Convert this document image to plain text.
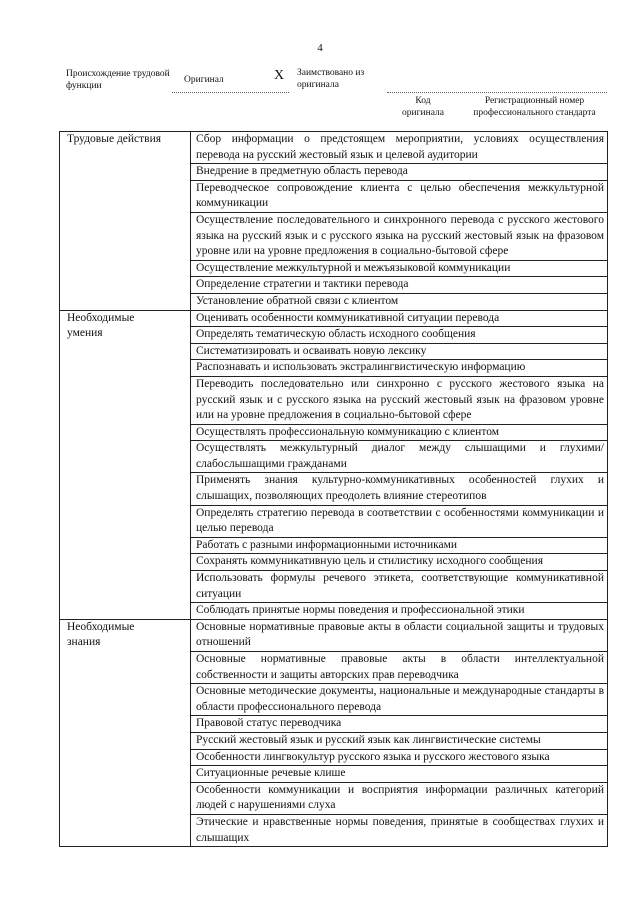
4
Происхождение трудовой функции
Оригинал	X Заимствовано из оригинала
Код оригинала
Регистрационный номер профессионального стандарта
Трудовые действия	Сбор информации о предстоящем мероприятии, условиях осуществления перевода на русский жестовый язык и целевой аудитории
	Внедрение в предметную область перевода
	Переводческое сопровождение клиента с целью обеспечения межкультурной коммуникации
	Осуществление последовательного и синхронного перевода с русского жестового языка на русский язык и с русского языка на русский жестовый язык на фразовом уровне или на уровне предложения в социально-бытовой сфере
	Осуществление межкультурной и межъязыковой коммуникации
	Определение стратегии и тактики перевода
	Установление обратной связи с клиентом

Необходимые умения	Оценивать особенности коммуникативной ситуации перевода
	Определять тематическую область исходного сообщения
	Систематизировать и осваивать новую лексику
	Распознавать и использовать экстралингвистическую информацию
	Переводить последовательно или синхронно с русского жестового языка на русский язык и с русского языка на русский жестовый язык на фразовом уровне или на уровне предложения в социально-бытовой сфере
	Осуществлять профессиональную коммуникацию с клиентом
	Осуществлять межкультурный диалог между слышащими и глухими/слабослышащими гражданами
	Применять знания культурно-коммуникативных особенностей глухих и слышащих, позволяющих преодолеть влияние стереотипов
	Определять стратегию перевода в соответствии с особенностями коммуникации и целью перевода
	Работать с разными информационными источниками
	Сохранять коммуникативную цель и стилистику исходного сообщения
	Использовать формулы речевого этикета, соответствующие коммуникативной ситуации
	Соблюдать принятые нормы поведения и профессиональной этики

Необходимые знания	Основные нормативные правовые акты в области социальной защиты и трудовых отношений
	Основные нормативные правовые акты в области интеллектуальной собственности и защиты авторских прав переводчика
	Основные методические документы, национальные и международные стандарты в области профессионального перевода
	Правовой статус переводчика
	Русский жестовый язык и русский язык как лингвистические системы
	Особенности лингвокультур русского языка и русского жестового языка
	Ситуационные речевые клише
	Особенности коммуникации и восприятия информации различных категорий людей с нарушениями слуха
	Этические и нравственные нормы поведения, принятые в сообществах глухих и слышащих
